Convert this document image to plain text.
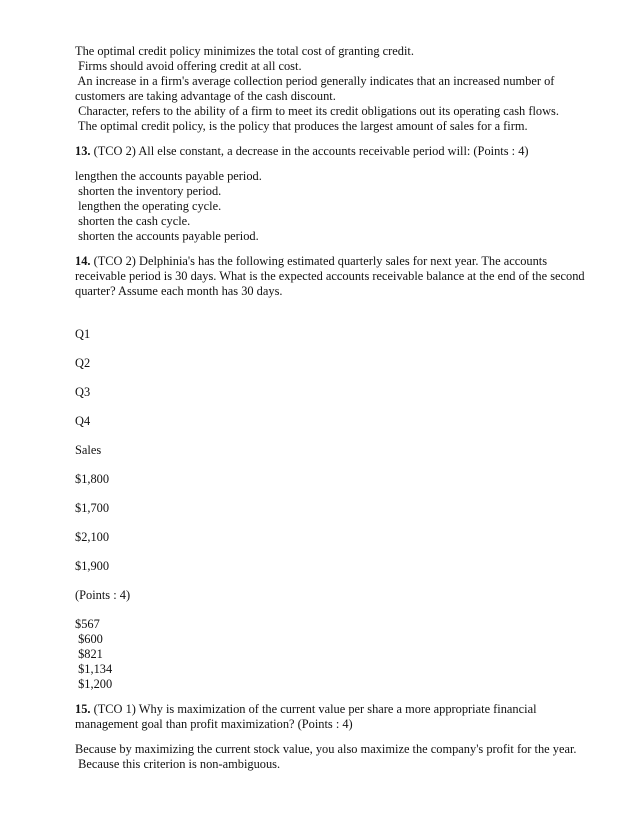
The optimal credit policy minimizes the total cost of granting credit.
Firms should avoid offering credit at all cost.
An increase in a firm's average collection period generally indicates that an increased number of
customers are taking advantage of the cash discount.
Character, refers to the ability of a firm to meet its credit obligations out its operating cash flows.
The optimal credit policy, is the policy that produces the largest amount of sales for a firm.
13. (TCO 2) All else constant, a decrease in the accounts receivable period will: (Points : 4)
lengthen the accounts payable period.
shorten the inventory period.
lengthen the operating cycle.
shorten the cash cycle.
shorten the accounts payable period.
14. (TCO 2) Delphinia's has the following estimated quarterly sales for next year. The accounts
receivable period is 30 days. What is the expected accounts receivable balance at the end of the second
quarter? Assume each month has 30 days.
Q1
Q2
Q3
Q4
Sales
$1,800
$1,700
$2,100
$1,900
(Points : 4)
$567
$600
$821
$1,134
$1,200
15. (TCO 1) Why is maximization of the current value per share a more appropriate financial
management goal than profit maximization? (Points : 4)
Because by maximizing the current stock value, you also maximize the company's profit for the year.
Because this criterion is non-ambiguous.
